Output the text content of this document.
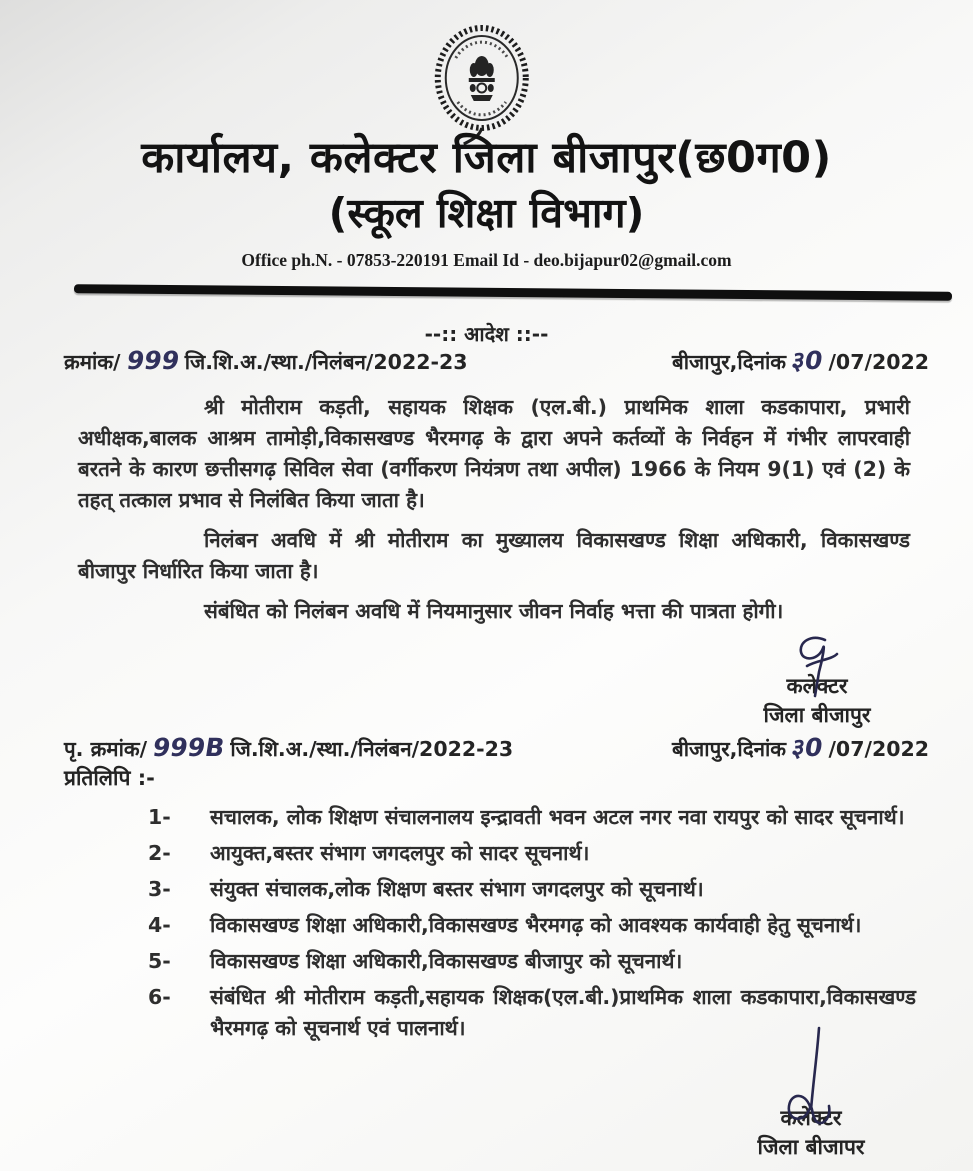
कार्यालय, कलेक्टर जिला बीजापुर(छ0ग0)
(स्कूल शिक्षा विभाग)
Office ph.N. - 07853-220191 Email Id - deo.bijapur02@gmail.com
--:: आदेश ::--
क्रमांक/ 999 जि.शि.अ./स्था./निलंबन/2022-23	बीजापुर,दिनांक ३0 /07/2022

श्री मोतीराम कड़ती, सहायक शिक्षक (एल.बी.) प्राथमिक शाला कडकापारा, प्रभारी अधीक्षक,बालक आश्रम तामोड़ी,विकासखण्ड भैरमगढ़ के द्वारा अपने कर्तव्यों के निर्वहन में गंभीर लापरवाही बरतने के कारण छत्तीसगढ़ सिविल सेवा (वर्गीकरण नियंत्रण तथा अपील) 1966 के नियम 9(1) एवं (2) के तहत् तत्काल प्रभाव से निलंबित किया जाता है।

निलंबन अवधि में श्री मोतीराम का मुख्यालय विकासखण्ड शिक्षा अधिकारी, विकासखण्ड बीजापुर निर्धारित किया जाता है।

संबंधित को निलंबन अवधि में नियमानुसार जीवन निर्वाह भत्ता की पात्रता होगी।

कलेक्टर
जिला बीजापुर
पृ. क्रमांक/ 999B जि.शि.अ./स्था./निलंबन/2022-23	बीजापुर,दिनांक ३0 /07/2022
प्रतिलिपि :-
1-	सचालक, लोक शिक्षण संचालनालय इन्द्रावती भवन अटल नगर नवा रायपुर को सादर सूचनार्थ।
2-	आयुक्त,बस्तर संभाग जगदलपुर को सादर सूचनार्थ।
3-	संयुक्त संचालक,लोक शिक्षण बस्तर संभाग जगदलपुर को सूचनार्थ।
4-	विकासखण्ड शिक्षा अधिकारी,विकासखण्ड भैरमगढ़ को आवश्यक कार्यवाही हेतु सूचनार्थ।
5-	विकासखण्ड शिक्षा अधिकारी,विकासखण्ड बीजापुर को सूचनार्थ।
6-	संबंधित श्री मोतीराम कड़ती,सहायक शिक्षक(एल.बी.)प्राथमिक शाला कडकापारा,विकासखण्ड भैरमगढ़ को सूचनार्थ एवं पालनार्थ।
कलेक्टर
जिला बीजापर
